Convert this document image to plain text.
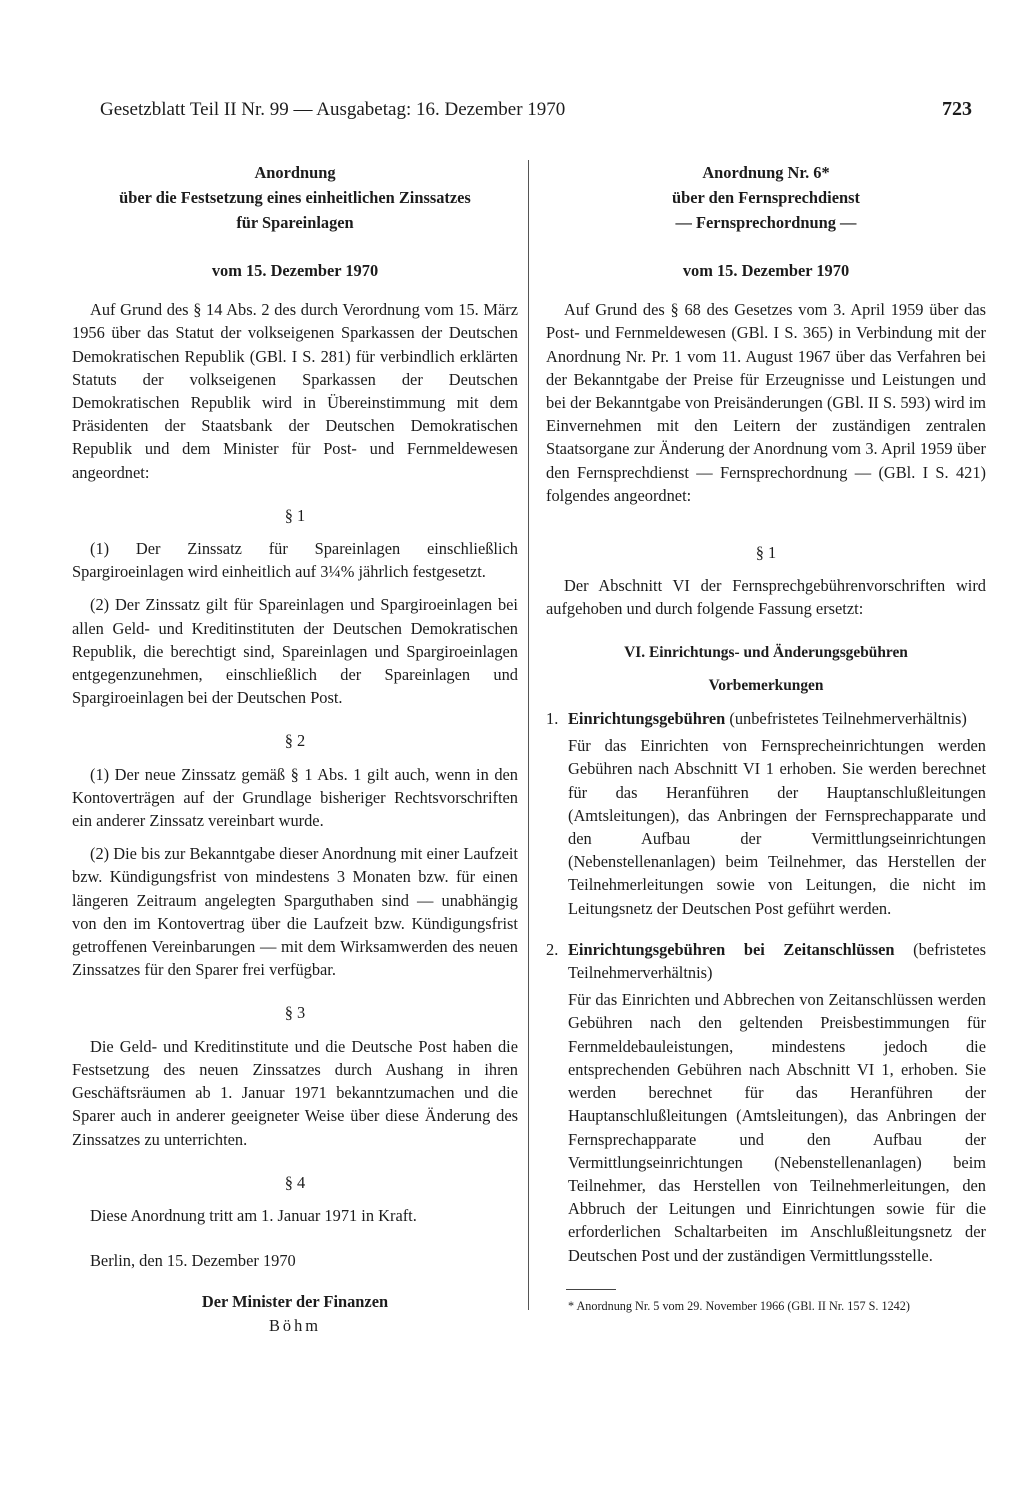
Gesetzblatt Teil II Nr. 99 — Ausgabetag: 16. Dezember 1970	723
Anordnung
über die Festsetzung eines einheitlichen Zinssatzes
für Spareinlagen
vom 15. Dezember 1970

Auf Grund des § 14 Abs. 2 des durch Verordnung vom 15. März 1956 über das Statut der volkseigenen Sparkassen der Deutschen Demokratischen Republik (GBl. I S. 281) für verbindlich erklärten Statuts der volkseigenen Sparkassen der Deutschen Demokratischen Republik wird in Übereinstimmung mit dem Präsidenten der Staatsbank der Deutschen Demokratischen Republik und dem Minister für Post- und Fernmeldewesen angeordnet:

§ 1

(1) Der Zinssatz für Spareinlagen einschließlich Spargiroeinlagen wird einheitlich auf 3¼% jährlich festgesetzt.

(2) Der Zinssatz gilt für Spareinlagen und Spargiroeinlagen bei allen Geld- und Kreditinstituten der Deutschen Demokratischen Republik, die berechtigt sind, Spareinlagen und Spargiroeinlagen entgegenzunehmen, einschließlich der Spareinlagen und Spargiroeinlagen bei der Deutschen Post.

§ 2

(1) Der neue Zinssatz gemäß § 1 Abs. 1 gilt auch, wenn in den Kontoverträgen auf der Grundlage bisheriger Rechtsvorschriften ein anderer Zinssatz vereinbart wurde.

(2) Die bis zur Bekanntgabe dieser Anordnung mit einer Laufzeit bzw. Kündigungsfrist von mindestens 3 Monaten bzw. für einen längeren Zeitraum angelegten Sparguthaben sind — unabhängig von den im Kontovertrag über die Laufzeit bzw. Kündigungsfrist getroffenen Vereinbarungen — mit dem Wirksamwerden des neuen Zinssatzes für den Sparer frei verfügbar.

§ 3

Die Geld- und Kreditinstitute und die Deutsche Post haben die Festsetzung des neuen Zinssatzes durch Aushang in ihren Geschäftsräumen ab 1. Januar 1971 bekanntzumachen und die Sparer auch in anderer geeigneter Weise über diese Änderung des Zinssatzes zu unterrichten.

§ 4

Diese Anordnung tritt am 1. Januar 1971 in Kraft.

Berlin, den 15. Dezember 1970

Der Minister der Finanzen
Böhm
Anordnung Nr. 6*
über den Fernsprechdienst
— Fernsprechordnung —
vom 15. Dezember 1970

Auf Grund des § 68 des Gesetzes vom 3. April 1959 über das Post- und Fernmeldewesen (GBl. I S. 365) in Verbindung mit der Anordnung Nr. Pr. 1 vom 11. August 1967 über das Verfahren bei der Bekanntgabe der Preise für Erzeugnisse und Leistungen und bei der Bekanntgabe von Preisänderungen (GBl. II S. 593) wird im Einvernehmen mit den Leitern der zuständigen zentralen Staatsorgane zur Änderung der Anordnung vom 3. April 1959 über den Fernsprechdienst — Fernsprechordnung — (GBl. I S. 421) folgendes angeordnet:

§ 1

Der Abschnitt VI der Fernsprechgebührenvorschriften wird aufgehoben und durch folgende Fassung ersetzt:

VI. Einrichtungs- und Änderungsgebühren
Vorbemerkungen
1. Einrichtungsgebühren (unbefristetes Teilnehmerverhältnis)

Für das Einrichten von Fernsprecheinrichtungen werden Gebühren nach Abschnitt VI 1 erhoben. Sie werden berechnet für das Heranführen der Hauptanschlußleitungen (Amtsleitungen), das Anbringen der Fernsprechapparate und den Aufbau der Vermittlungseinrichtungen (Nebenstellenanlagen) beim Teilnehmer, das Herstellen der Teilnehmerleitungen sowie von Leitungen, die nicht im Leitungsnetz der Deutschen Post geführt werden.

2. Einrichtungsgebühren bei Zeitanschlüssen (befristetes Teilnehmerverhältnis)

Für das Einrichten und Abbrechen von Zeitanschlüssen werden Gebühren nach den geltenden Preisbestimmungen für Fernmeldebauleistungen, mindestens jedoch die entsprechenden Gebühren nach Abschnitt VI 1, erhoben. Sie werden berechnet für das Heranführen der Hauptanschlußleitungen (Amtsleitungen), das Anbringen der Fernsprechapparate und den Aufbau der Vermittlungseinrichtungen (Nebenstellenanlagen) beim Teilnehmer, das Herstellen von Teilnehmerleitungen, den Abbruch der Leitungen und Einrichtungen sowie für die erforderlichen Schaltarbeiten im Anschlußleitungsnetz der Deutschen Post und der zuständigen Vermittlungsstelle.

* Anordnung Nr. 5 vom 29. November 1966 (GBl. II Nr. 157 S. 1242)
